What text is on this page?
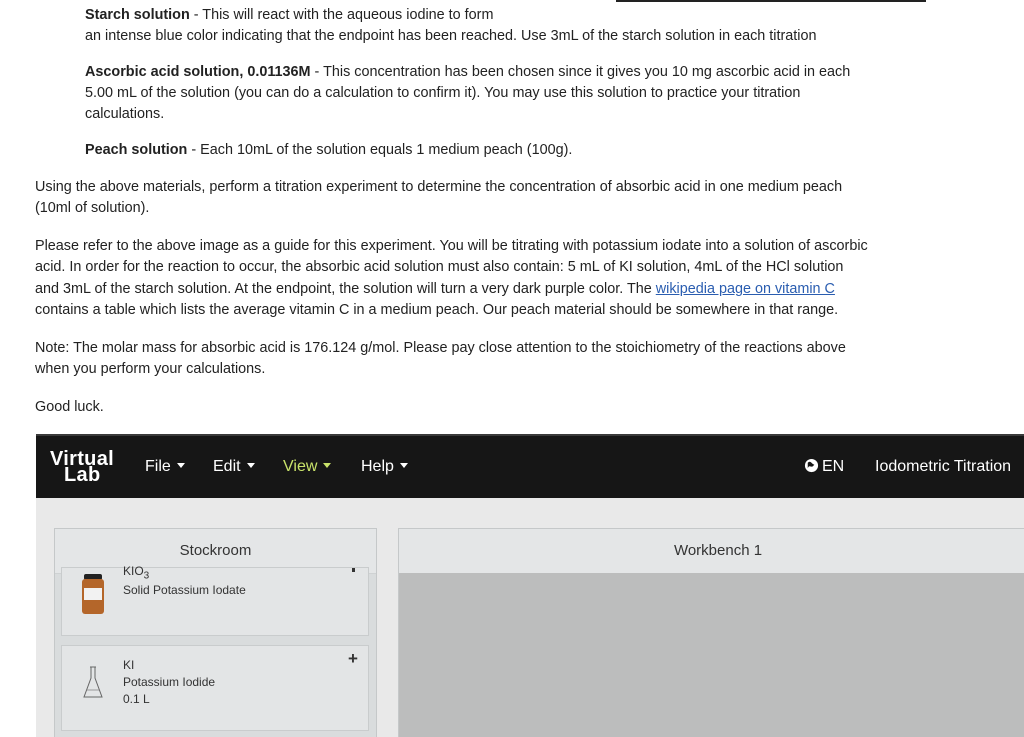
Starch solution - This will react with the aqueous iodine to form
an intense blue color indicating that the endpoint has been reached. Use 3mL of the starch solution in each titration
Ascorbic acid solution, 0.01136M - This concentration has been chosen since it gives you 10 mg ascorbic acid in each
5.00 mL of the solution (you can do a calculation to confirm it). You may use this solution to practice your titration
calculations.
Peach solution - Each 10mL of the solution equals 1 medium peach (100g).
Using the above materials, perform a titration experiment to determine the concentration of absorbic acid in one medium peach
(10ml of solution).
Please refer to the above image as a guide for this experiment. You will be titrating with potassium iodate into a solution of ascorbic
acid. In order for the reaction to occur, the absorbic acid solution must also contain: 5 mL of KI solution, 4mL of the HCl solution
and 3mL of the starch solution. At the endpoint, the solution will turn a very dark purple color. The wikipedia page on vitamin C
contains a table which lists the average vitamin C in a medium peach. Our peach material should be somewhere in that range.
Note: The molar mass for absorbic acid is 176.124 g/mol. Please pay close attention to the stoichiometry of the reactions above
when you perform your calculations.
Good luck.
Virtual
Lab	File	Edit	View	Help	EN Iodometric Titration
Stockroom
$KIO_3$
Solid Potassium Iodate
KI
Potassium Iodide
0.1 L
+
Workbench 1
